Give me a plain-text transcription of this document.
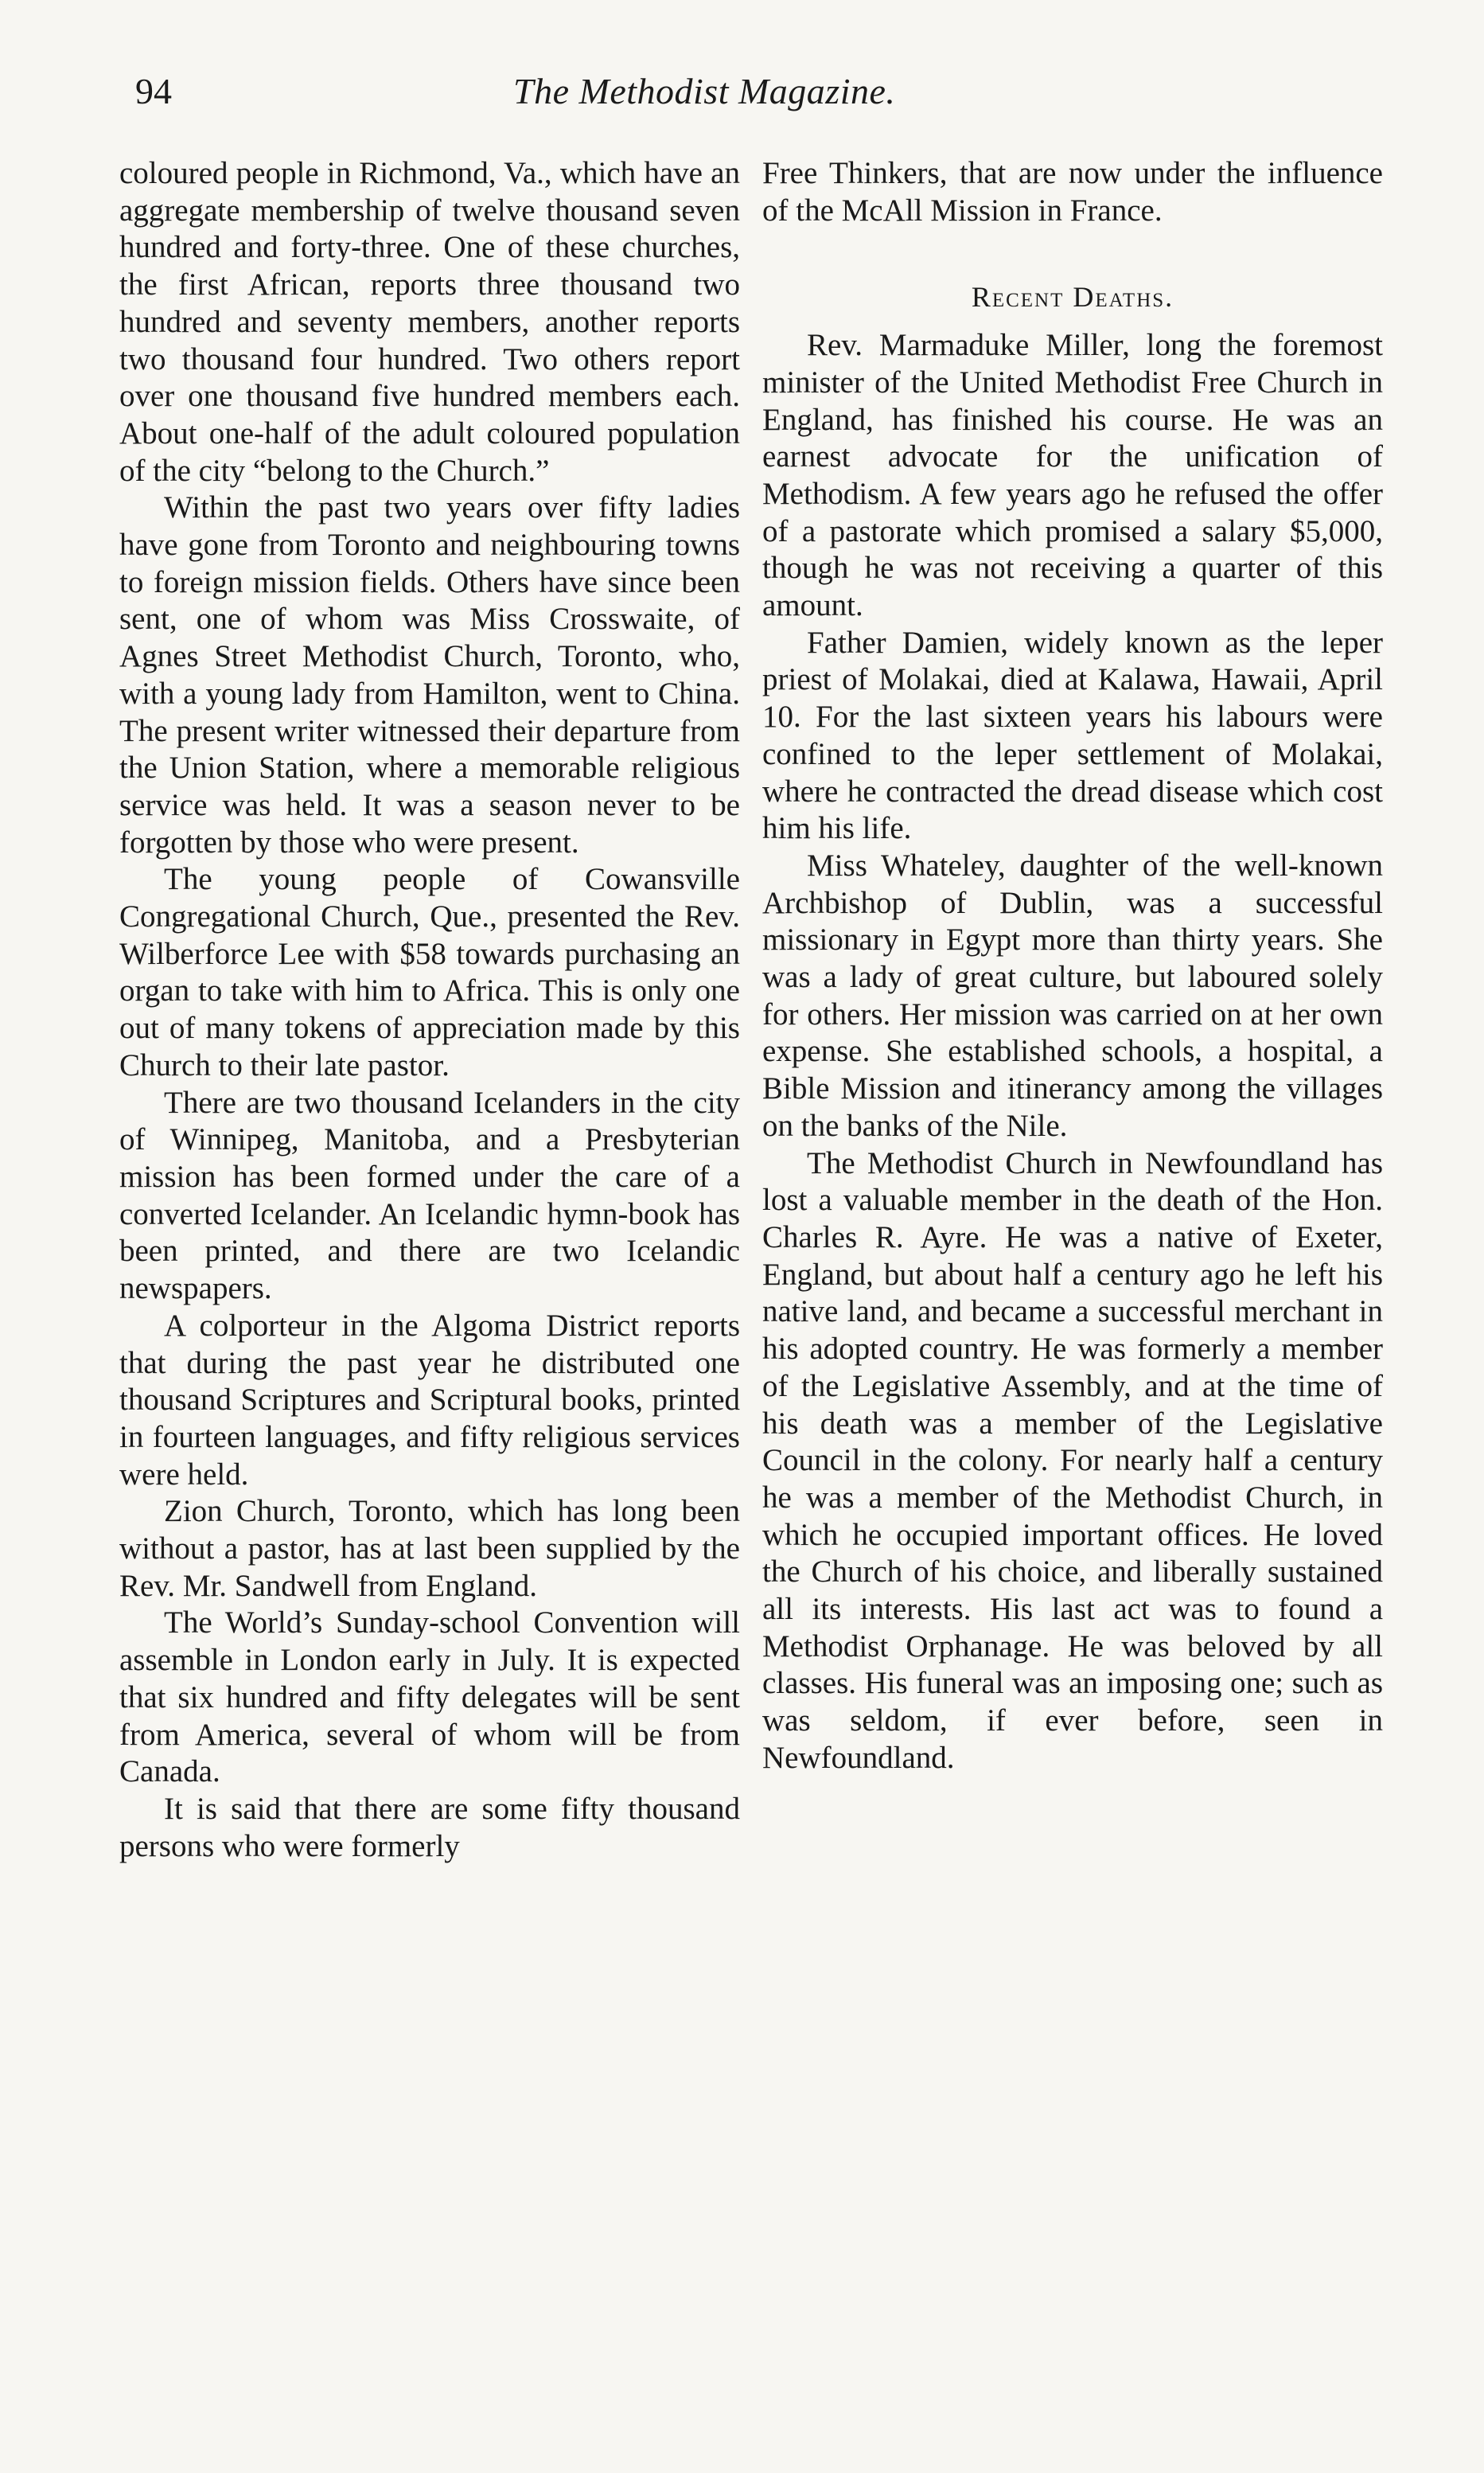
94	The Methodist Magazine.

coloured people in Richmond, Va., which have an aggregate membership of twelve thousand seven hundred and forty-three. One of these churches, the first African, reports three thousand two hundred and seventy members, another reports two thousand four hundred. Two others report over one thousand five hundred members each. About one-half of the adult coloured population of the city “belong to the Church.”

Within the past two years over fifty ladies have gone from Toronto and neighbouring towns to foreign mission fields. Others have since been sent, one of whom was Miss Crosswaite, of Agnes Street Methodist Church, Toronto, who, with a young lady from Hamilton, went to China. The present writer witnessed their departure from the Union Station, where a memorable religious service was held. It was a season never to be forgotten by those who were present.

The young people of Cowansville Congregational Church, Que., presented the Rev. Wilberforce Lee with $58 towards purchasing an organ to take with him to Africa. This is only one out of many tokens of appreciation made by this Church to their late pastor.

There are two thousand Icelanders in the city of Winnipeg, Manitoba, and a Presbyterian mission has been formed under the care of a converted Icelander. An Icelandic hymn-book has been printed, and there are two Icelandic newspapers.

A colporteur in the Algoma District reports that during the past year he distributed one thousand Scriptures and Scriptural books, printed in fourteen languages, and fifty religious services were held.

Zion Church, Toronto, which has long been without a pastor, has at last been supplied by the Rev. Mr. Sandwell from England.

The World’s Sunday-school Convention will assemble in London early in July. It is expected that six hundred and fifty delegates will be sent from America, several of whom will be from Canada.

It is said that there are some fifty thousand persons who were formerly

Free Thinkers, that are now under the influence of the McAll Mission in France.

Recent Deaths.

Rev. Marmaduke Miller, long the foremost minister of the United Methodist Free Church in England, has finished his course. He was an earnest advocate for the unification of Methodism. A few years ago he refused the offer of a pastorate which promised a salary $5,000, though he was not receiving a quarter of this amount.

Father Damien, widely known as the leper priest of Molakai, died at Kalawa, Hawaii, April 10. For the last sixteen years his labours were confined to the leper settlement of Molakai, where he contracted the dread disease which cost him his life.

Miss Whateley, daughter of the well-known Archbishop of Dublin, was a successful missionary in Egypt more than thirty years. She was a lady of great culture, but laboured solely for others. Her mission was carried on at her own expense. She established schools, a hospital, a Bible Mission and itinerancy among the villages on the banks of the Nile.

The Methodist Church in Newfoundland has lost a valuable member in the death of the Hon. Charles R. Ayre. He was a native of Exeter, England, but about half a century ago he left his native land, and became a successful merchant in his adopted country. He was formerly a member of the Legislative Assembly, and at the time of his death was a member of the Legislative Council in the colony. For nearly half a century he was a member of the Methodist Church, in which he occupied important offices. He loved the Church of his choice, and liberally sustained all its interests. His last act was to found a Methodist Orphanage. He was beloved by all classes. His funeral was an imposing one; such as was seldom, if ever before, seen in Newfoundland.
